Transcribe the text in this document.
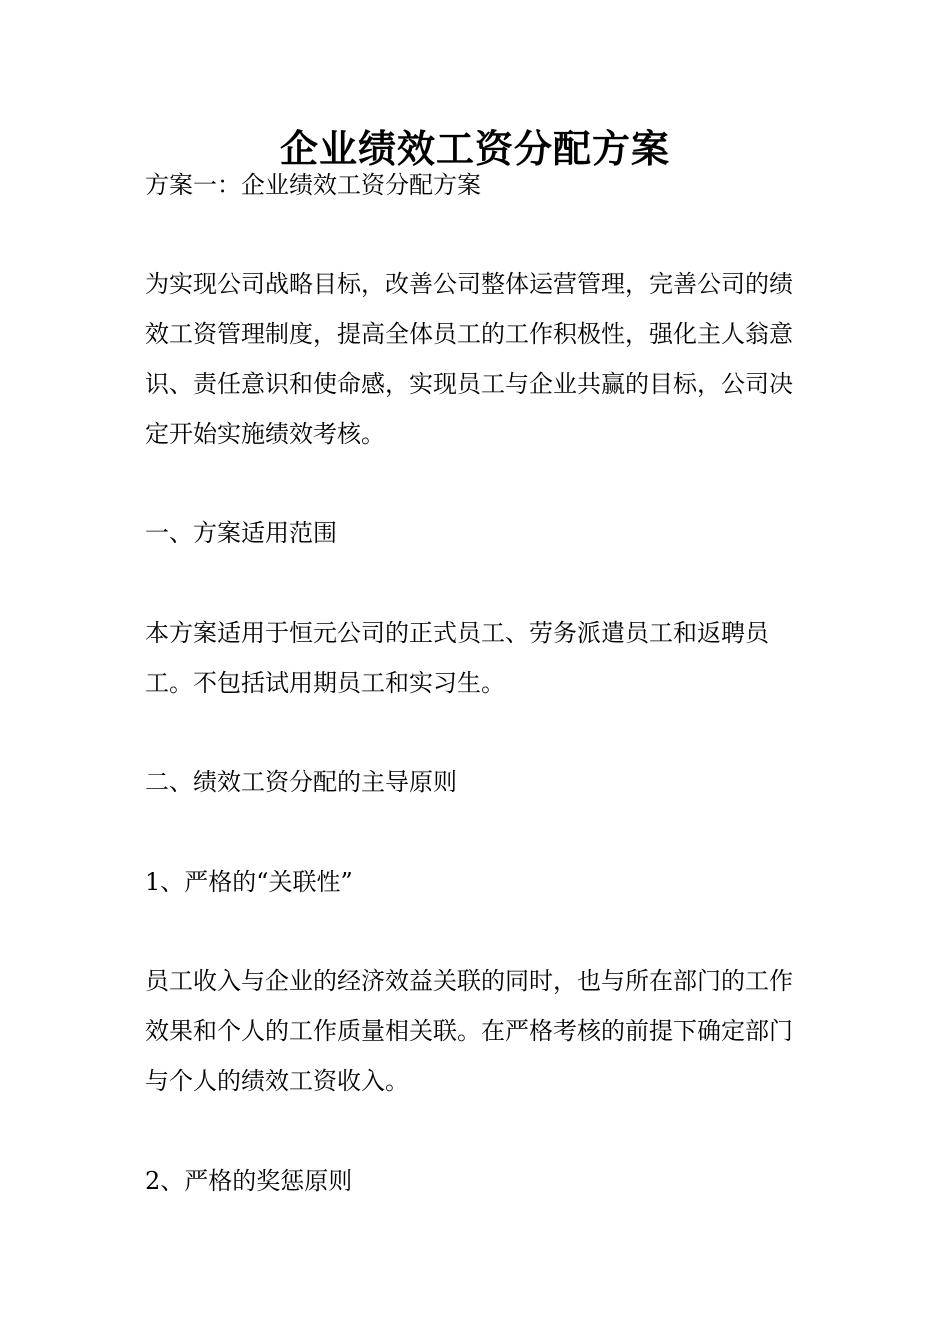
企业绩效工资分配方案

方案一：企业绩效工资分配方案

为实现公司战略目标，改善公司整体运营管理，完善公司的绩效工资管理制度，提高全体员工的工作积极性，强化主人翁意识、责任意识和使命感，实现员工与企业共赢的目标，公司决定开始实施绩效考核。

一、方案适用范围

本方案适用于恒元公司的正式员工、劳务派遣员工和返聘员工。不包括试用期员工和实习生。

二、绩效工资分配的主导原则

1、严格的“关联性”

员工收入与企业的经济效益关联的同时，也与所在部门的工作效果和个人的工作质量相关联。在严格考核的前提下确定部门与个人的绩效工资收入。

2、严格的奖惩原则
